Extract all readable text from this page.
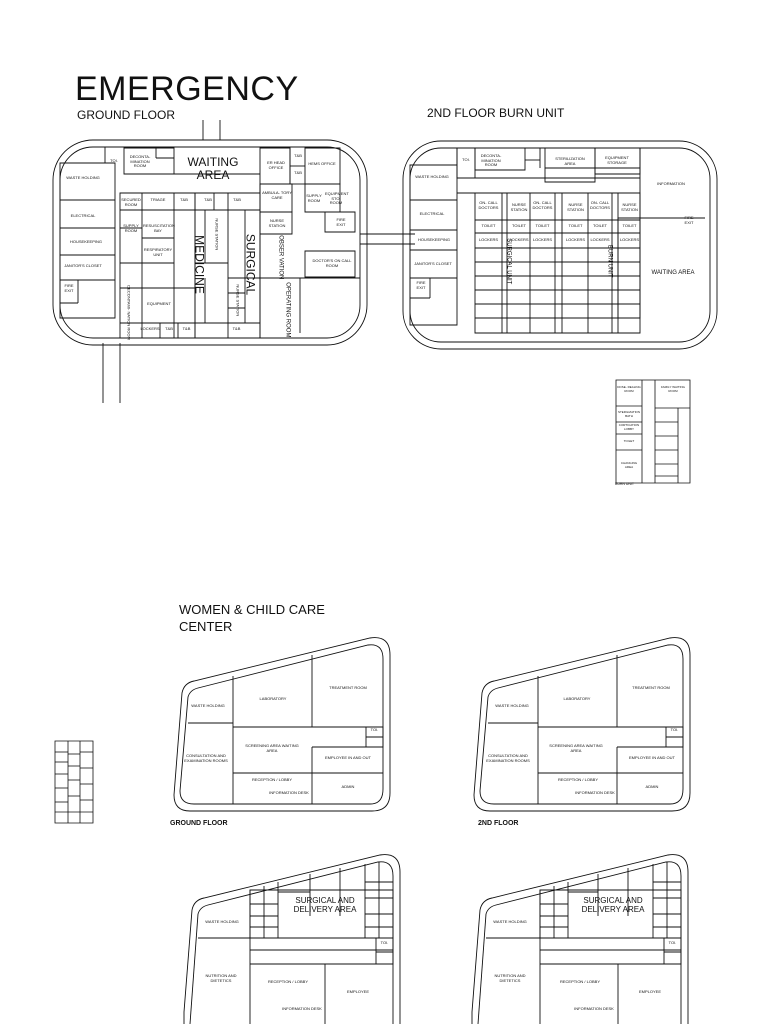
EMERGENCY
GROUND FLOOR	2ND FLOOR BURN UNIT
WASTE HOLDING
TOI.
DECONTA- MINATION ROOM	WAITING AREA
ER HEAD OFFICE
T&B
T&B
HEMS OFFICE
ELECTRICAL
SECURED ROOM
TRIAGE	T&B	T&B	T&B
AMBULA- TORY CARE	SUPPLY ROOM
EQUIPMENT STO. ROOM
FIRE EXIT
HOUSEKEEPING
SUPPLY ROOM
RESUSCITATION BAY
NURSE STATION
MEDICINE	SURGICAL	OBSER VATION	DOCTOR'S ON CALL ROOM
JANITOR'S CLOSET
RESPIRATORY UNIT
FIRE EXIT	OPERATING ROOM
DECONTAMI- NATION ROOM	EQUIPMENT
LOCKERS	T&B	T&B	T&B
NURSE STATION
NURSE STATION
WASTE HOLDING
TOI.
DECONTA- MINATION ROOM
STERILIZATION AREA
EQUIPMENT STORAGE
INFORMATION
ELECTRICAL
ON- CALL DOCTORS
NURSE STATION
ON- CALL DOCTORS
NURSE STATION
ON- CALL DOCTORS
NURSE STATION
FIRE EXIT
HOUSEKEEPING
TOILET
LOCKERS
TOILET
LOCKERS
TOILET
LOCKERS
TOILET
LOCKERS
TOILET
LOCKERS
TOILET
LOCKERS
SURGICAL UNIT	BURN UNIT
JANITOR'S CLOSET
WAITING AREA
FIRE EXIT
DOSE- REALING ROOM
STERILIZATION BATH
CORTICATION LOBBY
TOILET
CHANGING AREA
FAMILY WAITING ROOM
BURN UNIT
WOMEN & CHILD CARE
CENTER
WASTE HOLDING
LABORATORY
TREATMENT ROOM
CONSULTATION AND EXAMINATION ROOMS
SCREENING AREA WAITING AREA
TOI.
EMPLOYEE IN AND OUT
RECEPTION / LOBBY
INFORMATION DESK
ADMIN
GROUND FLOOR
WASTE HOLDING
LABORATORY
TREATMENT ROOM
CONSULTATION AND EXAMINATION ROOMS
SCREENING AREA WAITING AREA
TOI.
EMPLOYEE IN AND OUT
RECEPTION / LOBBY
INFORMATION DESK
ADMIN
2ND FLOOR
SURGICAL AND DELIVERY AREA
WASTE HOLDING
TOI.
NUTRITION AND DIETETICS	RECEPTION / LOBBY
EMPLOYEE
INFORMATION DESK
SURGICAL AND DELIVERY AREA
WASTE HOLDING
TOI.
NUTRITION AND DIETETICS	RECEPTION / LOBBY
EMPLOYEE
INFORMATION DESK
